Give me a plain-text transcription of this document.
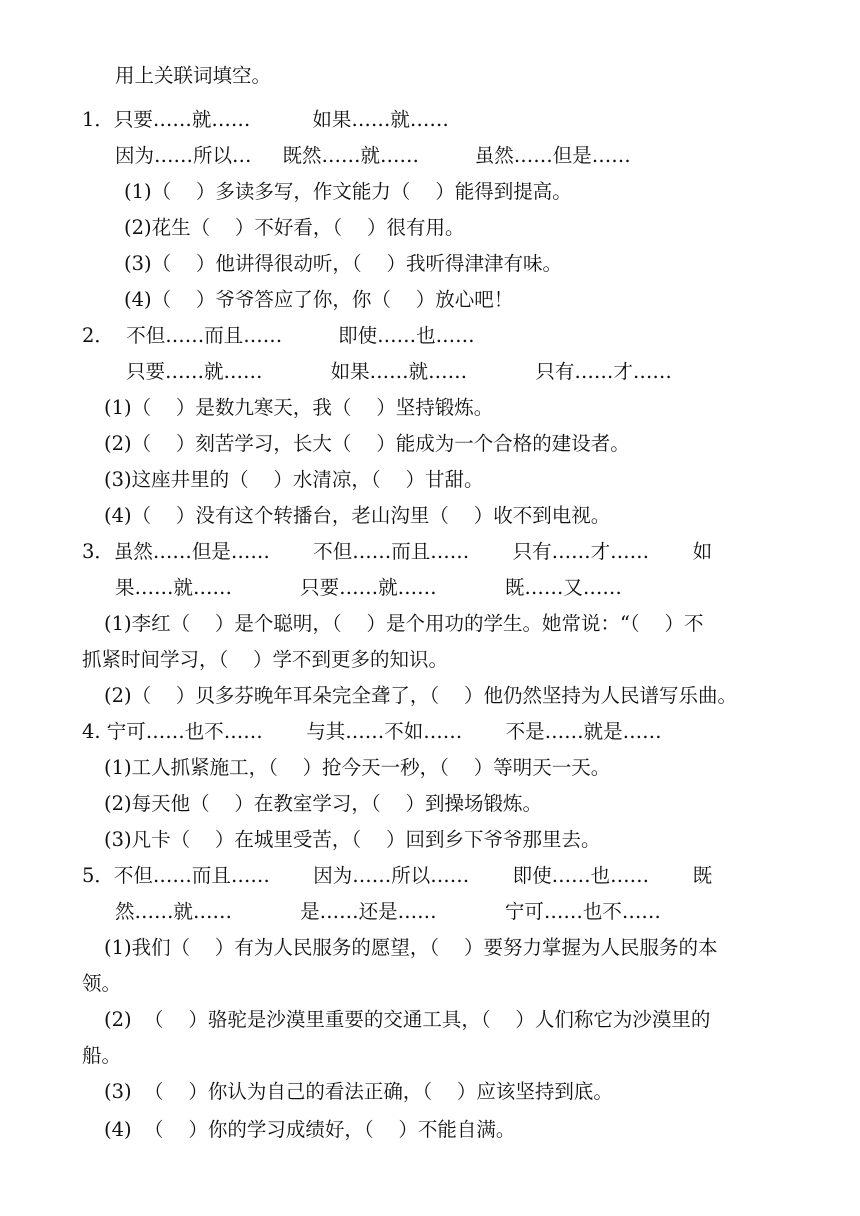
用上关联词填空。

1．只要……就……          如果……就……

因为……所以…     既然……就……         虽然……但是……

(1)（    ）多读多写，作文能力（    ）能得到提高。

(2)花生（    ）不好看，（    ）很有用。

(3)（    ）他讲得很动听，（    ）我听得津津有味。

(4)（    ）爷爷答应了你，你（    ）放心吧！

2．  不但……而且……         即使……也……

只要……就……           如果……就……           只有……才……

(1)（    ）是数九寒天，我（    ）坚持锻炼。

(2)（    ）刻苦学习，长大（    ）能成为一个合格的建设者。

(3)这座井里的（    ）水清凉，（    ）甘甜。

(4)（    ）没有这个转播台，老山沟里（    ）收不到电视。

3．虽然……但是……       不但……而且……       只有……才……       如

果……就……           只要……就……           既……又……

(1)李红（    ）是个聪明，（    ）是个用功的学生。她常说：“（    ）不

抓紧时间学习，（    ）学不到更多的知识。

(2)（    ）贝多芬晚年耳朵完全聋了，（    ）他仍然坚持为人民谱写乐曲。

4. 宁可……也不……       与其……不如……       不是……就是……

(1)工人抓紧施工，（    ）抢今天一秒，（    ）等明天一天。

(2)每天他（    ）在教室学习，（    ）到操场锻炼。

(3)凡卡（    ）在城里受苦，（    ）回到乡下爷爷那里去。

5．不但……而且……       因为……所以……       即使……也……       既

然……就……           是……还是……           宁可……也不……

(1)我们（    ）有为人民服务的愿望，（    ）要努力掌握为人民服务的本

领。

(2)  （    ）骆驼是沙漠里重要的交通工具，（    ）人们称它为沙漠里的

船。

(3)  （    ）你认为自己的看法正确，（    ）应该坚持到底。

(4)  （    ）你的学习成绩好，（    ）不能自满。
